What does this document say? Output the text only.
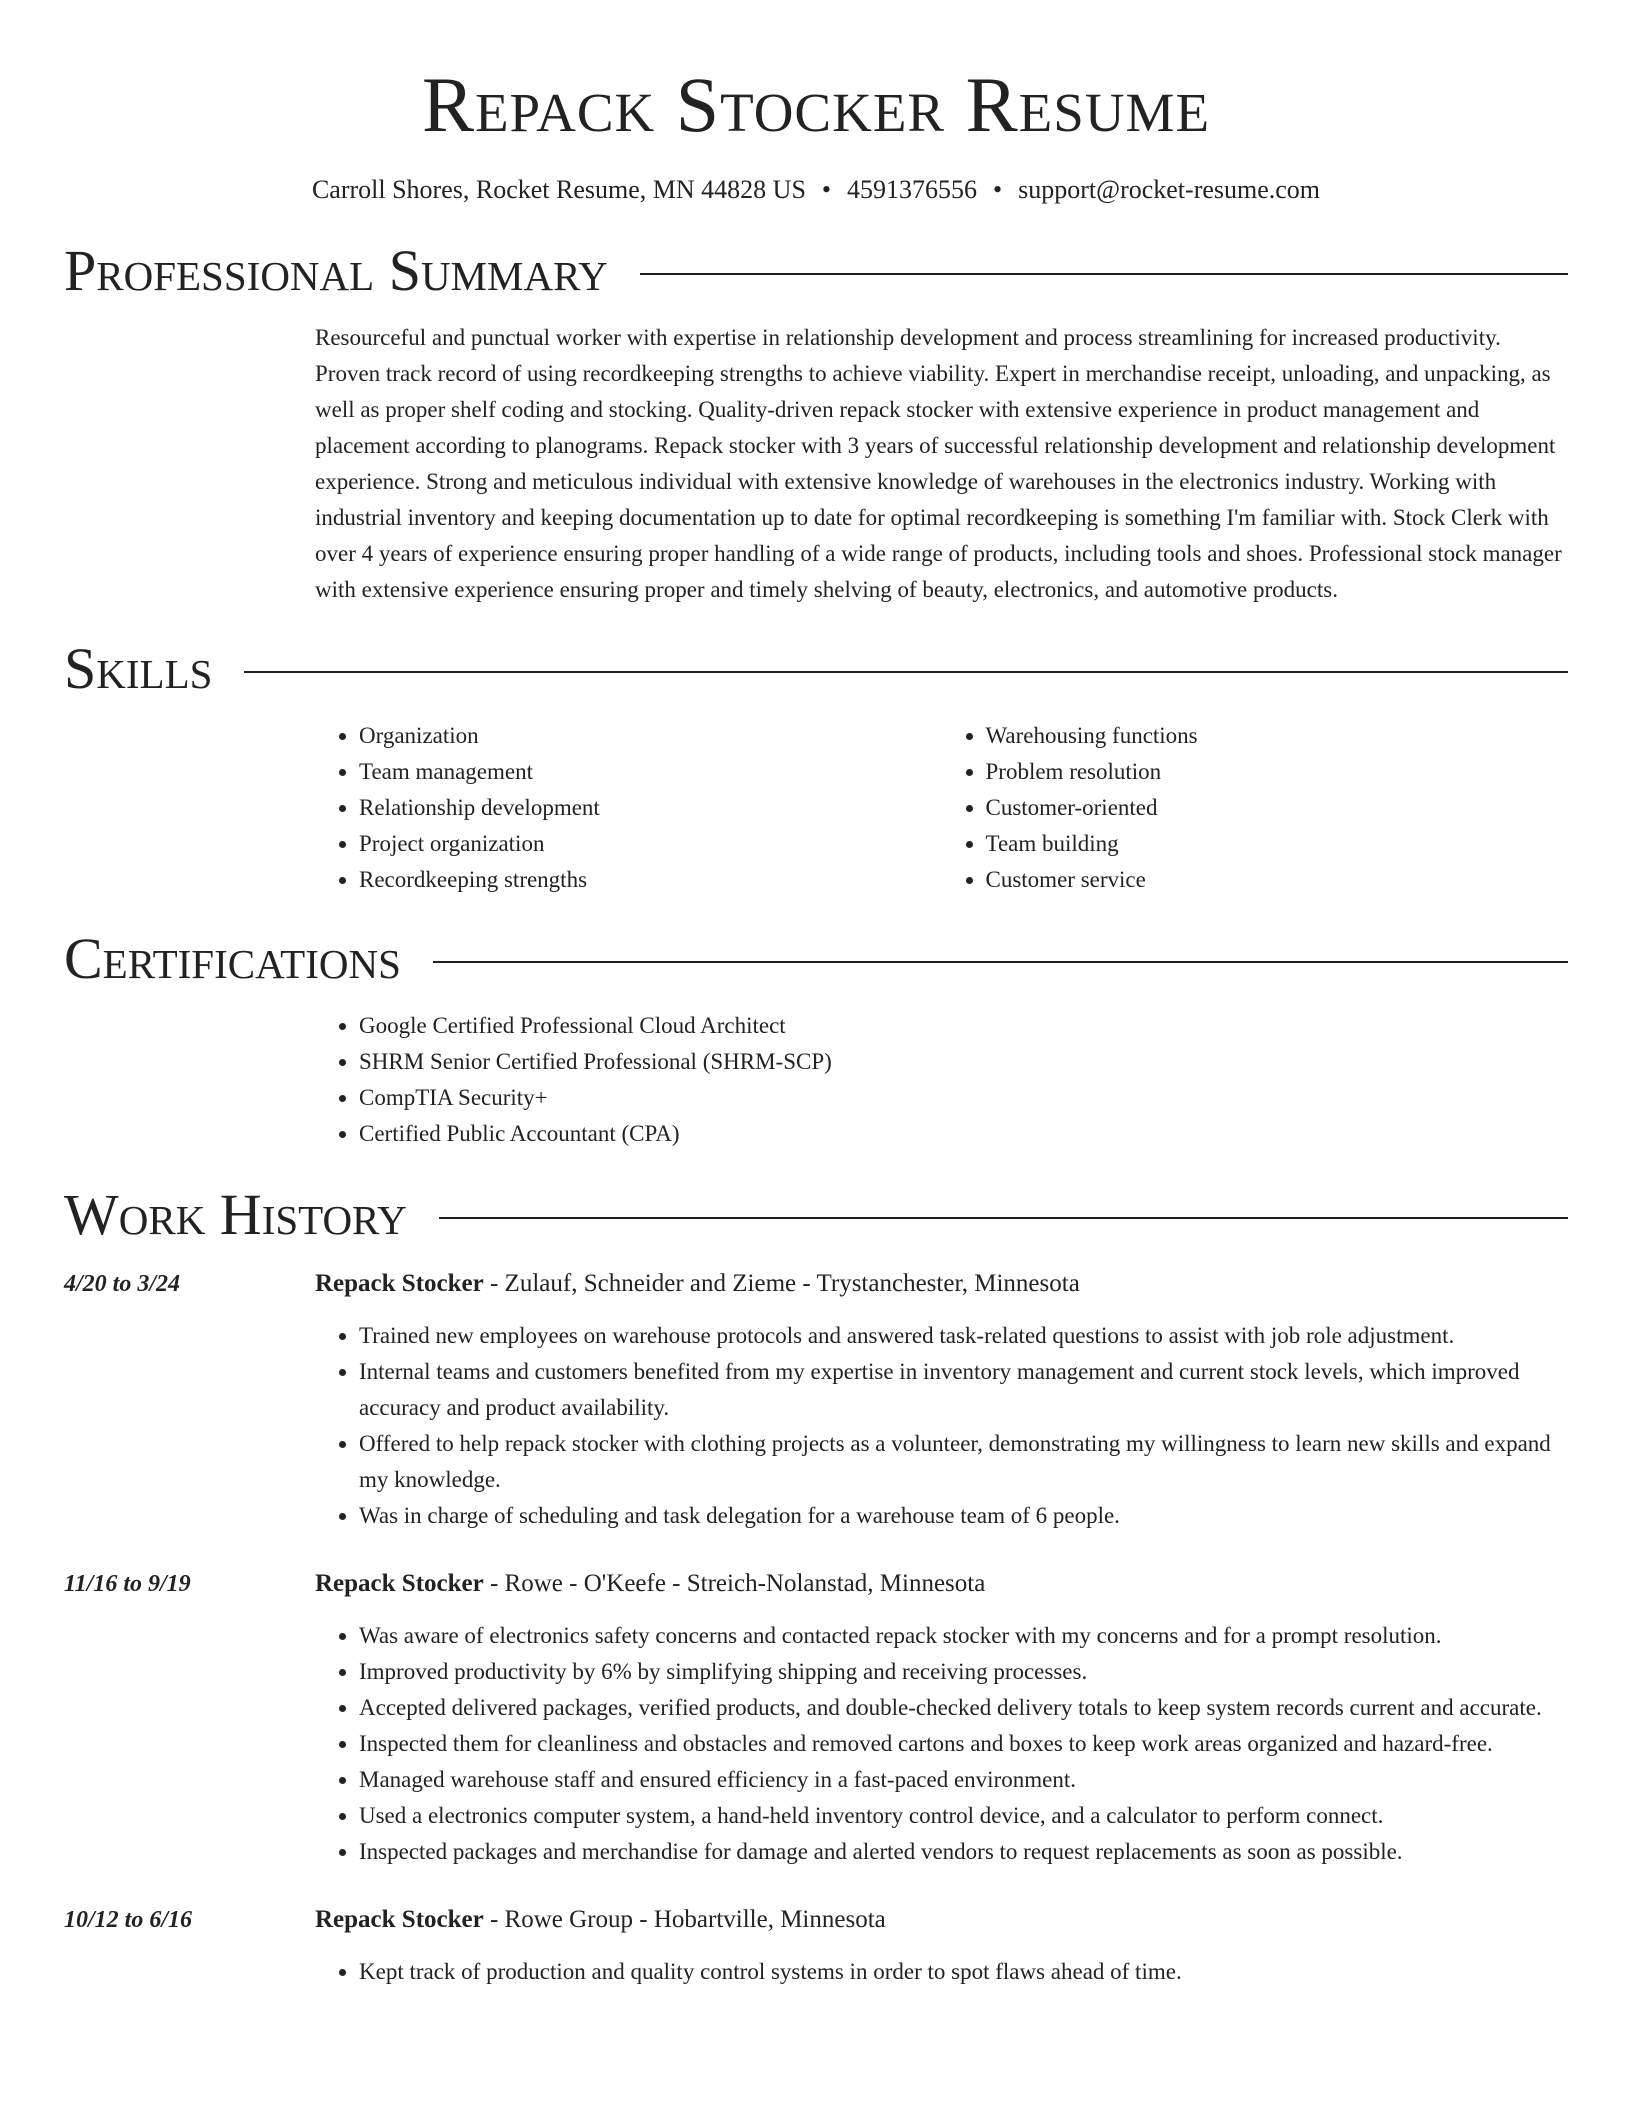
Repack Stocker Resume
Carroll Shores, Rocket Resume, MN 44828 US • 4591376556 • support@rocket-resume.com
Professional Summary
Resourceful and punctual worker with expertise in relationship development and process streamlining for increased productivity. Proven track record of using recordkeeping strengths to achieve viability. Expert in merchandise receipt, unloading, and unpacking, as well as proper shelf coding and stocking. Quality-driven repack stocker with extensive experience in product management and placement according to planograms. Repack stocker with 3 years of successful relationship development and relationship development experience. Strong and meticulous individual with extensive knowledge of warehouses in the electronics industry. Working with industrial inventory and keeping documentation up to date for optimal recordkeeping is something I'm familiar with. Stock Clerk with over 4 years of experience ensuring proper handling of a wide range of products, including tools and shoes. Professional stock manager with extensive experience ensuring proper and timely shelving of beauty, electronics, and automotive products.
Skills
• Organization
• Team management
• Relationship development
• Project organization
• Recordkeeping strengths
• Warehousing functions
• Problem resolution
• Customer-oriented
• Team building
• Customer service
Certifications
• Google Certified Professional Cloud Architect
• SHRM Senior Certified Professional (SHRM-SCP)
• CompTIA Security+
• Certified Public Accountant (CPA)
Work History
4/20 to 3/24	Repack Stocker - Zulauf, Schneider and Zieme - Trystanchester, Minnesota
• Trained new employees on warehouse protocols and answered task-related questions to assist with job role adjustment.
• Internal teams and customers benefited from my expertise in inventory management and current stock levels, which improved accuracy and product availability.
• Offered to help repack stocker with clothing projects as a volunteer, demonstrating my willingness to learn new skills and expand my knowledge.
• Was in charge of scheduling and task delegation for a warehouse team of 6 people.
11/16 to 9/19	Repack Stocker - Rowe - O'Keefe - Streich-Nolanstad, Minnesota
• Was aware of electronics safety concerns and contacted repack stocker with my concerns and for a prompt resolution.
• Improved productivity by 6% by simplifying shipping and receiving processes.
• Accepted delivered packages, verified products, and double-checked delivery totals to keep system records current and accurate.
• Inspected them for cleanliness and obstacles and removed cartons and boxes to keep work areas organized and hazard-free.
• Managed warehouse staff and ensured efficiency in a fast-paced environment.
• Used a electronics computer system, a hand-held inventory control device, and a calculator to perform connect.
• Inspected packages and merchandise for damage and alerted vendors to request replacements as soon as possible.
10/12 to 6/16	Repack Stocker - Rowe Group - Hobartville, Minnesota
• Kept track of production and quality control systems in order to spot flaws ahead of time.
